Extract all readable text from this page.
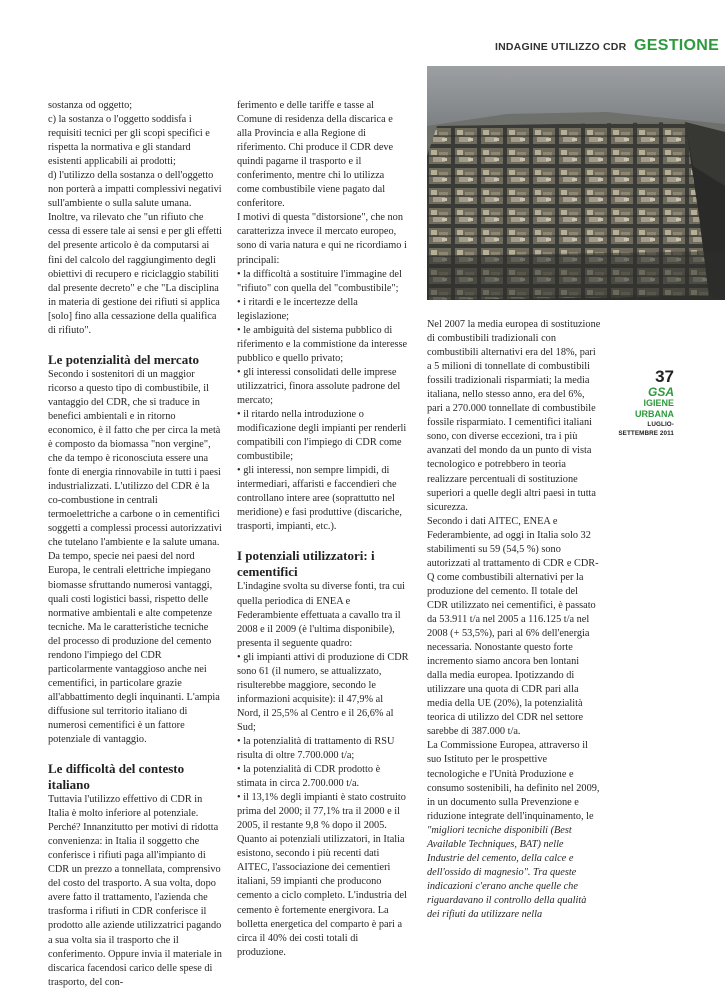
INDAGINE UTILIZZO CDR GESTIONE

sostanza od oggetto;

c) la sostanza o l'oggetto soddisfa i requisiti tecnici per gli scopi specifici e rispetta la normativa e gli standard esistenti applicabili ai prodotti;

d) l'utilizzo della sostanza o dell'oggetto non porterà a impatti complessivi negativi sull'ambiente o sulla salute umana.

Inoltre, va rilevato che "un rifiuto che cessa di essere tale ai sensi e per gli effetti del presente articolo è da computarsi ai fini del calcolo del raggiungimento degli obiettivi di recupero e riciclaggio stabiliti dal presente decreto" e che "La disciplina in materia di gestione dei rifiuti si applica [solo] fino alla cessazione della qualifica di rifiuto".

Le potenzialità del mercato

Secondo i sostenitori di un maggior ricorso a questo tipo di combustibile, il vantaggio del CDR, che si traduce in benefici ambientali e in ritorno economico, è il fatto che per circa la metà è composto da biomassa "non vergine", che da tempo è riconosciuta essere una fonte di energia rinnovabile in tutti i paesi industrializzati. L'utilizzo del CDR è la co-combustione in centrali termoelettriche a carbone o in cementifici soggetti a complessi processi autorizzativi che tutelano l'ambiente e la salute umana. Da tempo, specie nei paesi del nord Europa, le centrali elettriche impiegano biomasse sfruttando numerosi vantaggi, quali costi logistici bassi, rispetto delle normative ambientali e alte competenze tecniche. Ma le caratteristiche tecniche del processo di produzione del cemento rendono l'impiego del CDR particolarmente vantaggioso anche nei cementifici, in particolare grazie all'abbattimento degli inquinanti. L'ampia diffusione sul territorio italiano di numerosi cementifici è un fattore potenziale di vantaggio.

Le difficoltà del contesto italiano

Tuttavia l'utilizzo effettivo di CDR in Italia è molto inferiore al potenziale. Perché? Innanzitutto per motivi di ridotta convenienza: in Italia il soggetto che conferisce i rifiuti paga all'impianto di CDR un prezzo a tonnellata, comprensivo del costo del trasporto. A sua volta, dopo avere fatto il trattamento, l'azienda che trasforma i rifiuti in CDR conferisce il prodotto alle aziende utilizzatrici pagando a sua volta sia il trasporto che il conferimento. Oppure invia il materiale in discarica facendosi carico delle spese di trasporto, del con-

ferimento e delle tariffe e tasse al Comune di residenza della discarica e alla Provincia e alla Regione di riferimento. Chi produce il CDR deve quindi pagarne il trasporto e il conferimento, mentre chi lo utilizza come combustibile viene pagato dal conferitore.

I motivi di questa "distorsione", che non caratterizza invece il mercato europeo, sono di varia natura e qui ne ricordiamo i principali:

• la difficoltà a sostituire l'immagine del "rifiuto" con quella del "combustibile";

• i ritardi e le incertezze della legislazione;

• le ambiguità del sistema pubblico di riferimento e la commistione da interesse pubblico e quello privato;

• gli interessi consolidati delle imprese utilizzatrici, finora assolute padrone del mercato;

• il ritardo nella introduzione o modificazione degli impianti per renderli compatibili con l'impiego di CDR come combustibile;

• gli interessi, non sempre limpidi, di intermediari, affaristi e faccendieri che controllano intere aree (soprattutto nel meridione) e fasi produttive (discariche, trasporti, impianti, etc.).

I potenziali utilizzatori: i cementifici

L'indagine svolta su diverse fonti, tra cui quella periodica di ENEA e Federambiente effettuata a cavallo tra il 2008 e il 2009 (è l'ultima disponibile), presenta il seguente quadro:

• gli impianti attivi di produzione di CDR sono 61 (il numero, se attualizzato, risulterebbe maggiore, secondo le informazioni acquisite): il 47,9% al Nord, il 25,5% al Centro e il 26,6% al Sud;

• la potenzialità di trattamento di RSU risulta di oltre 7.700.000 t/a;

• la potenzialità di CDR prodotto è stimata in circa 2.700.000 t/a.

• il 13,1% degli impianti è stato costruito prima del 2000; il 77,1% tra il 2000 e il 2005, il restante 9,8 % dopo il 2005.

Quanto ai potenziali utilizzatori, in Italia esistono, secondo i più recenti dati AITEC, l'associazione dei cementieri italiani, 59 impianti che producono cemento a ciclo completo. L'industria del cemento è fortemente energivora. La bolletta energetica del comparto è pari a circa il 40% dei costi totali di produzione.

Nel 2007 la media europea di sostituzione di combustibili tradizionali con combustibili alternativi era del 18%, pari a 5 milioni di tonnellate di combustibili fossili tradizionali risparmiati; la media italiana, nello stesso anno, era del 6%, pari a 270.000 tonnellate di combustibile fossile risparmiato. I cementifici italiani sono, con diverse eccezioni, tra i più avanzati del mondo da un punto di vista tecnologico e potrebbero in teoria realizzare percentuali di sostituzione superiori a quelle degli altri paesi in tutta sicurezza.

Secondo i dati AITEC, ENEA e Federambiente, ad oggi in Italia solo 32 stabilimenti su 59 (54,5 %) sono autorizzati al trattamento di CDR e CDR-Q come combustibili alternativi per la produzione del cemento. Il totale del CDR utilizzato nei cementifici, è passato da 53.911 t/a nel 2005 a 116.125 t/a nel 2008 (+ 53,5%), pari al 6% dell'energia necessaria. Nonostante questo forte incremento siamo ancora ben lontani dalla media europea. Ipotizzando di utilizzare una quota di CDR pari alla media della UE (20%), la potenzialità teorica di utilizzo del CDR nel settore sarebbe di 387.000 t/a.

La Commissione Europea, attraverso il suo Istituto per le prospettive tecnologiche e l'Unità Produzione e consumo sostenibili, ha definito nel 2009, in un documento sulla Prevenzione e riduzione integrate dell'inquinamento, le "migliori tecniche disponibili (Best Available Techniques, BAT) nelle Industrie del cemento, della calce e dell'ossido di magnesio". Tra queste indicazioni c'erano anche quelle che riguardavano il controllo della qualità dei rifiuti da utilizzare nella

37
GSA
IGIENE URBANA
LUGLIO-SETTEMBRE 2011
